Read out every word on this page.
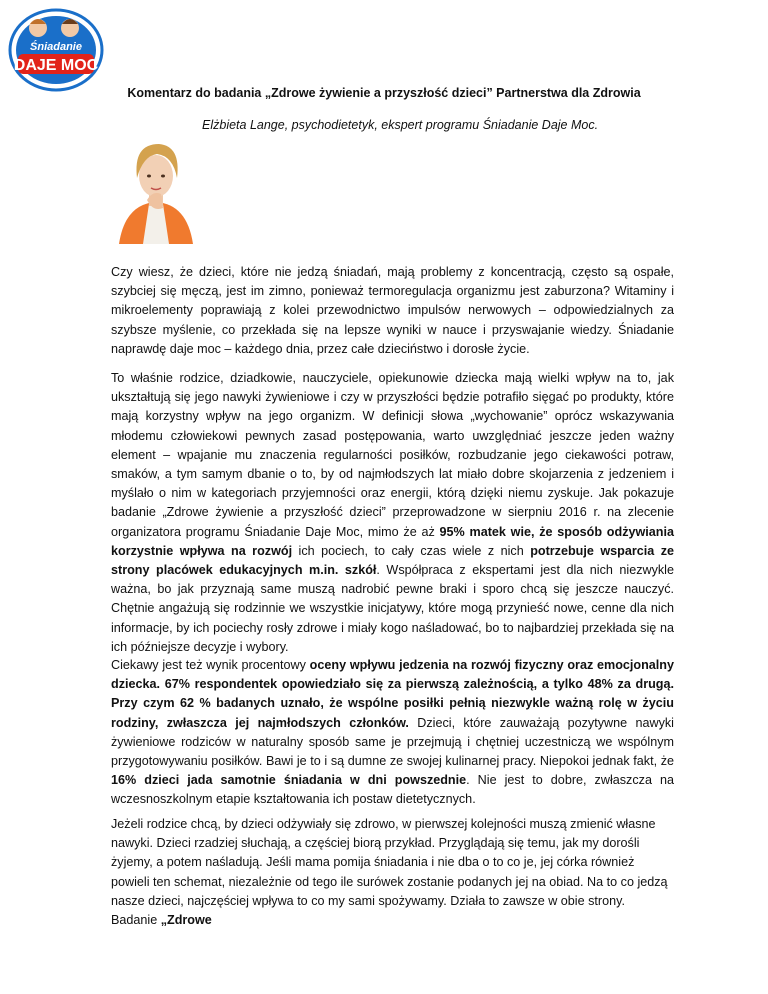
Śniadanie
DAJE MOC
Komentarz do badania „Zdrowe żywienie a przyszłość dzieci” Partnerstwa dla Zdrowia
Elżbieta Lange, psychodietetyk, ekspert programu Śniadanie Daje Moc.

Czy wiesz, że dzieci, które nie jedzą śniadań, mają problemy z koncentracją, często są ospałe, szybciej się męczą, jest im zimno, ponieważ termoregulacja organizmu jest zaburzona? Witaminy i mikroelementy poprawiają z kolei przewodnictwo impulsów nerwowych – odpowiedzialnych za szybsze myślenie, co przekłada się na lepsze wyniki w nauce i przyswajanie wiedzy. Śniadanie naprawdę daje moc – każdego dnia, przez całe dzieciństwo i dorosłe życie.

To właśnie rodzice, dziadkowie, nauczyciele, opiekunowie dziecka mają wielki wpływ na to, jak ukształtują się jego nawyki żywieniowe i czy w przyszłości będzie potrafiło sięgać po produkty, które mają korzystny wpływ na jego organizm. W definicji słowa „wychowanie” oprócz wskazywania młodemu człowiekowi pewnych zasad postępowania, warto uwzględniać jeszcze jeden ważny element – wpajanie mu znaczenia regularności posiłków, rozbudzanie jego ciekawości potraw, smaków, a tym samym dbanie o to, by od najmłodszych lat miało dobre skojarzenia z jedzeniem i myślało o nim w kategoriach przyjemności oraz energii, którą dzięki niemu zyskuje. Jak pokazuje badanie „Zdrowe żywienie a przyszłość dzieci” przeprowadzone w sierpniu 2016 r. na zlecenie organizatora programu Śniadanie Daje Moc, mimo że aż 95% matek wie, że sposób odżywiania korzystnie wpływa na rozwój ich pociech, to cały czas wiele z nich potrzebuje wsparcia ze strony placówek edukacyjnych m.in. szkół. Współpraca z ekspertami jest dla nich niezwykle ważna, bo jak przyznają same muszą nadrobić pewne braki i sporo chcą się jeszcze nauczyć. Chętnie angażują się rodzinnie we wszystkie inicjatywy, które mogą przynieść nowe, cenne dla nich informacje, by ich pociechy rosły zdrowe i miały kogo naśladować, bo to najbardziej przekłada się na ich późniejsze decyzje i wybory.

Ciekawy jest też wynik procentowy oceny wpływu jedzenia na rozwój fizyczny oraz emocjonalny dziecka. 67% respondentek opowiedziało się za pierwszą zależnością, a tylko 48% za drugą. Przy czym 62 % badanych uznało, że wspólne posiłki pełnią niezwykle ważną rolę w życiu rodziny, zwłaszcza jej najmłodszych członków. Dzieci, które zauważają pozytywne nawyki żywieniowe rodziców w naturalny sposób same je przejmują i chętniej uczestniczą we wspólnym przygotowywaniu posiłków. Bawi je to i są dumne ze swojej kulinarnej pracy. Niepokoi jednak fakt, że 16% dzieci jada samotnie śniadania w dni powszednie. Nie jest to dobre, zwłaszcza na wczesnoszkolnym etapie kształtowania ich postaw dietetycznych.

Jeżeli rodzice chcą, by dzieci odżywiały się zdrowo, w pierwszej kolejności muszą zmienić własne nawyki. Dzieci rzadziej słuchają, a częściej biorą przykład. Przyglądają się temu, jak my dorośli żyjemy, a potem naśladują. Jeśli mama pomija śniadania i nie dba o to co je, jej córka również powieli ten schemat, niezależnie od tego ile surówek zostanie podanych jej na obiad. Na to co jedzą nasze dzieci, najczęściej wpływa to co my sami spożywamy. Działa to zawsze w obie strony. Badanie „Zdrowe
